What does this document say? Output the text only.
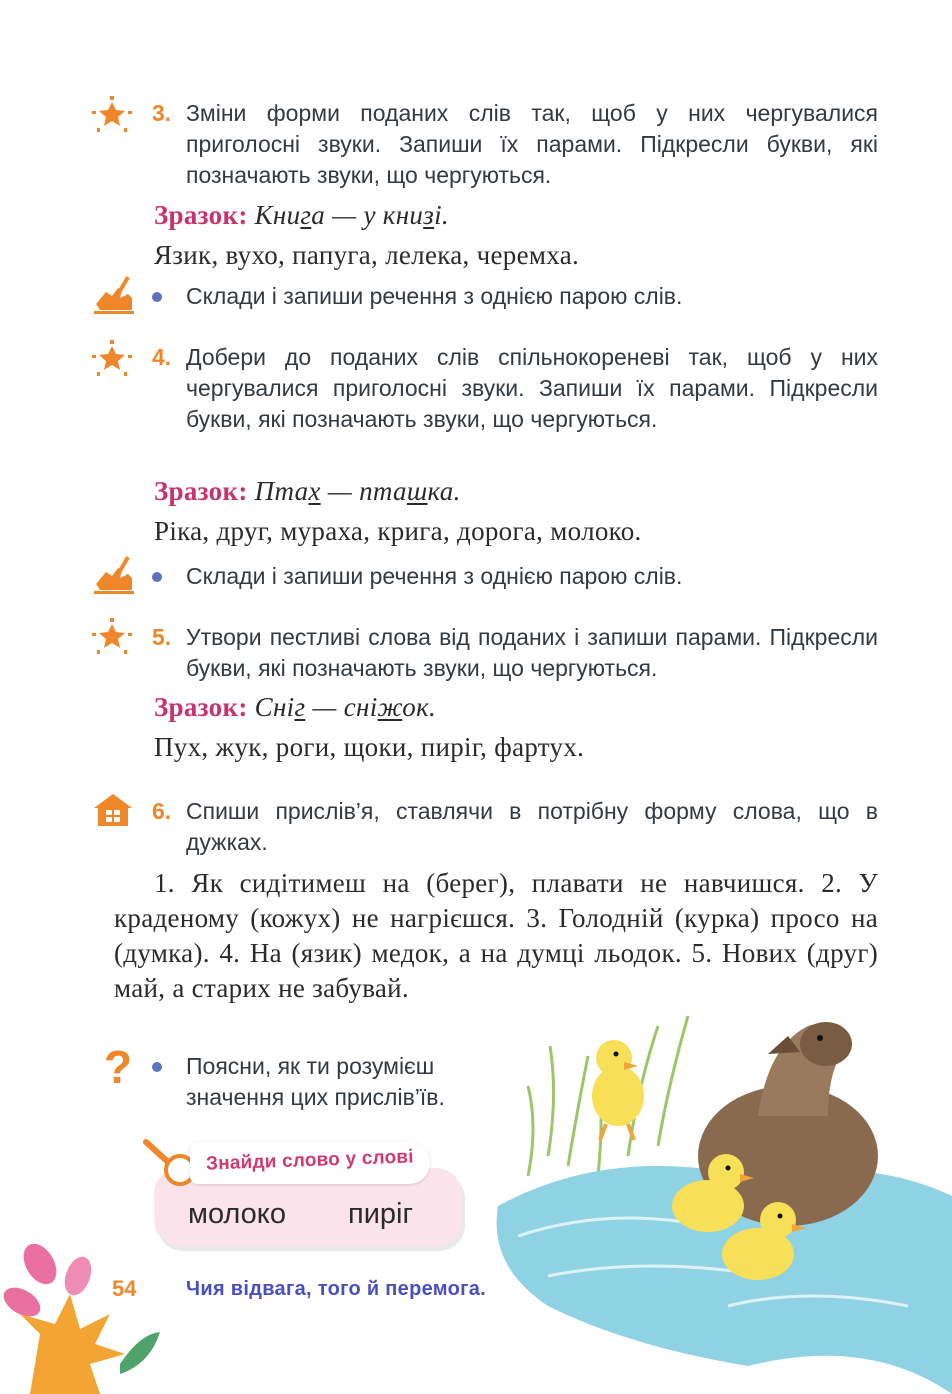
3. Зміни форми поданих слів так, щоб у них чергувалися приголосні звуки. Запиши їх парами. Підкресли букви, які позначають звуки, що чергуються.
Зразок: Книга — у книзі.
Язик, вухо, папуга, лелека, черемха.
Склади і запиши речення з однією парою слів.
4. Добери до поданих слів спільнокореневі так, щоб у них чергувалися приголосні звуки. Запиши їх парами. Підкресли букви, які позначають звуки, що чергуються.
Зразок: Птах — пташка.
Ріка, друг, мураха, крига, дорога, молоко.
Склади і запиши речення з однією парою слів.
5. Утвори пестливі слова від поданих і запиши парами. Підкресли букви, які позначають звуки, що чергуються.
Зразок: Сніг — сніжок.
Пух, жук, роги, щоки, пиріг, фартух.
6. Спиши прислів’я, ставлячи в потрібну форму слова, що в дужках.
1. Як сидітимеш на (берег), плавати не навчишся. 2. У краденому (кожух) не нагрієшся. 3. Голодній (курка) просо на (думка). 4. На (язик) медок, а на думці льодок. 5. Нових (друг) май, а старих не забувай.
? Поясни, як ти розумієш
значення цих прислів’їв.
Знайди слово у слові
молоко пиріг
54 Чия відвага, того й перемога.
